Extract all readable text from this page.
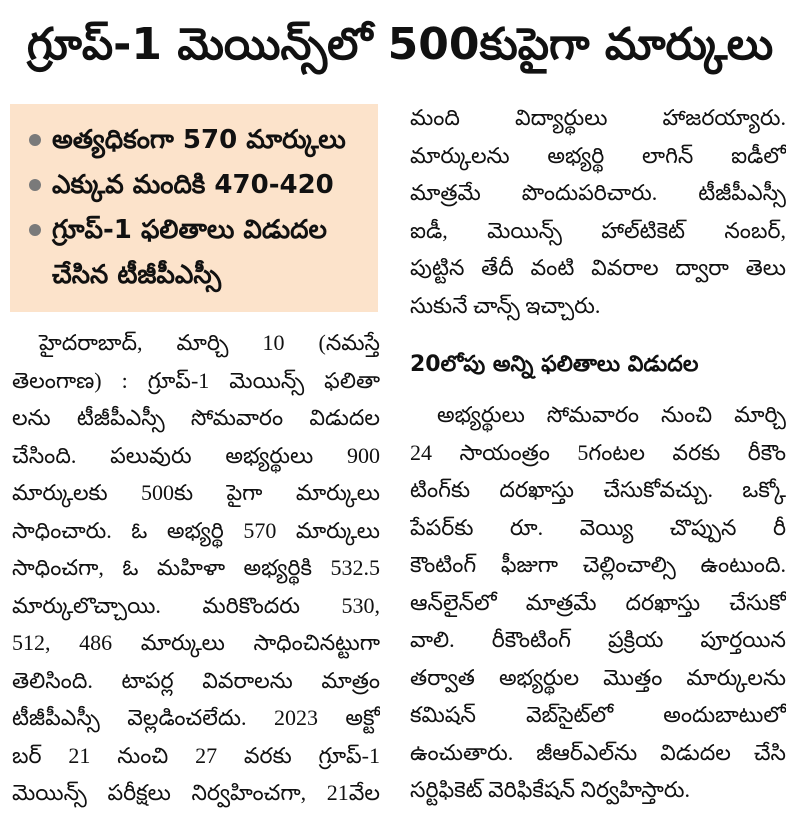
గ్రూప్‌-1 మెయిన్స్‌లో 500కుపైగా మార్కులు
అత్యధికంగా 570 మార్కులు
ఎక్కువ మందికి 470-420
గ్రూప్‌-1 ఫలితాలు విడుదల
చేసిన టీజీపీఎస్సీ
హైదరాబాద్‌, మార్చి 10 (నమస్తే
తెలంగాణ) : గ్రూప్‌-1 మెయిన్స్‌ ఫలితా
లను టీజీపీఎస్సీ సోమవారం విడుదల
చేసింది. పలువురు అభ్యర్థులు 900
మార్కులకు 500కు పైగా మార్కులు
సాధించారు. ఓ అభ్యర్థి 570 మార్కులు
సాధించగా, ఓ మహిళా అభ్యర్థికి 532.5
మార్కులొచ్చాయి. మరికొందరు 530,
512, 486 మార్కులు సాధించినట్టుగా
తెలిసింది. టాపర్ల వివరాలను మాత్రం
టీజీపీఎస్సీ వెల్లడించలేదు. 2023 అక్టో
బర్‌ 21 నుంచి 27 వరకు గ్రూప్‌-1
మెయిన్స్‌ పరీక్షలు నిర్వహించగా, 21వేల
మంది విద్యార్థులు హాజరయ్యారు.
మార్కులను అభ్యర్థి లాగిన్‌ ఐడీలో
మాత్రమే పొందుపరిచారు. టీజీపీఎస్సీ
ఐడీ, మెయిన్స్‌ హాల్‌టికెట్‌ నంబర్‌,
పుట్టిన తేదీ వంటి వివరాల ద్వారా తెలు
సుకునే చాన్స్‌ ఇచ్చారు.
20లోపు అన్ని ఫలితాలు విడుదల
అభ్యర్థులు సోమవారం నుంచి మార్చి
24 సాయంత్రం 5గంటల వరకు రీకౌం
టింగ్‌కు దరఖాస్తు చేసుకోవచ్చు. ఒక్కో
పేపర్‌కు రూ. వెయ్యి చొప్పున రీ
కౌంటింగ్‌ ఫీజుగా చెల్లించాల్సి ఉంటుంది.
ఆన్‌లైన్‌లో మాత్రమే దరఖాస్తు చేసుకో
వాలి. రీకౌంటింగ్‌ ప్రక్రియ పూర్తయిన
తర్వాత అభ్యర్థుల మొత్తం మార్కులను
కమిషన్‌ వెబ్‌సైట్‌లో అందుబాటులో
ఉంచుతారు. జీఆర్‌ఎల్‌ను విడుదల చేసి
సర్టిఫికెట్‌ వెరిఫికేషన్‌ నిర్వహిస్తారు.
